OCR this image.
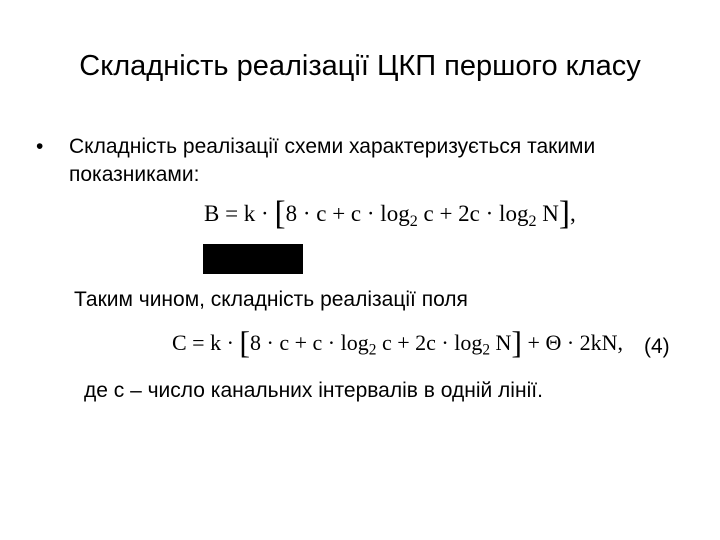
Складність реалізації ЦКП першого класу
• Складність реалізації схеми характеризується такими показниками:
$B = k \cdot [8 \cdot c + c \cdot \log_2 c + 2c \cdot \log_2 N]$,
Таким чином, складність реалізації поля
$C = k \cdot [8 \cdot c + c \cdot \log_2 c + 2c \cdot \log_2 N] + \Theta \cdot 2kN$, (4)
де c – число канальних інтервалів в одній лінії.
